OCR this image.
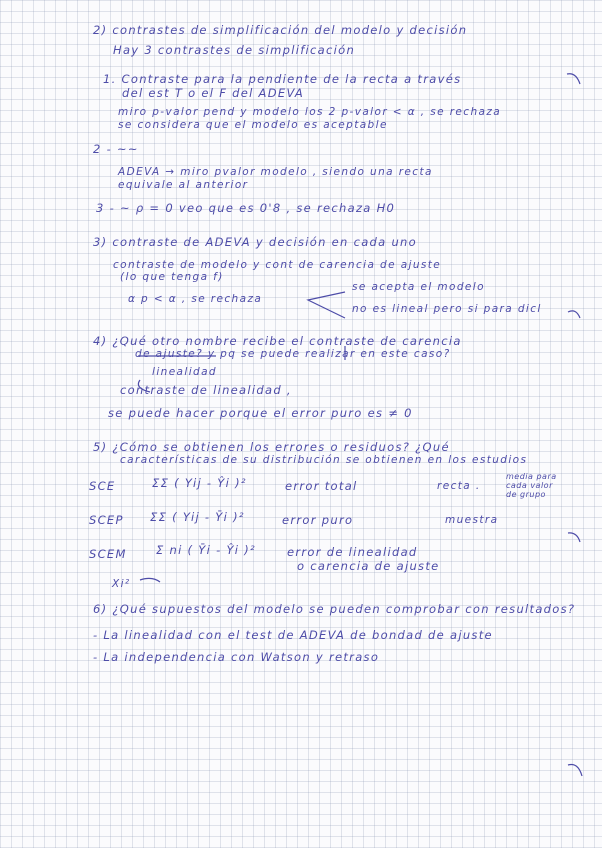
2) contrastes de simplificación del modelo y decisión
Hay 3 contrastes de simplificación
1. Contraste para la pendiente de la recta a través
del est T o el F del ADEVA
miro p-valor pend y modelo los 2 p-valor < α , se rechaza
se considera que el modelo es aceptable
2 - ~~
ADEVA → miro pvalor modelo , siendo una recta
equivale al anterior
3 - ~ ρ = 0 veo que es 0'8 , se rechaza H0
3) contraste de ADEVA y decisión en cada uno
contraste de modelo y cont de carencia de ajuste
(lo que tenga f)
α p < α , se rechaza
se acepta el modelo
no es lineal pero si para dicl
4) ¿Qué otro nombre recibe el contraste de carencia
de ajuste? y pq se puede realizar en este caso?
linealidad
contraste de linealidad ,
se puede hacer porque el error puro es ≠ 0
5) ¿Cómo se obtienen los errores o residuos? ¿Qué
características de su distribución se obtienen en los estudios
SCE	ΣΣ ( Yij - Ŷi )²	error total	recta .
media para cada valor de grupo
SCEP ΣΣ ( Yij - Ȳi )²	error puro	muestra
SCEM	Σ ni ( Ȳi - Ŷi )²	error de linealidad
o carencia de ajuste
Xi²
6) ¿Qué supuestos del modelo se pueden comprobar con resultados?
- La linealidad con el test de ADEVA de bondad de ajuste
- La independencia con Watson y retraso
